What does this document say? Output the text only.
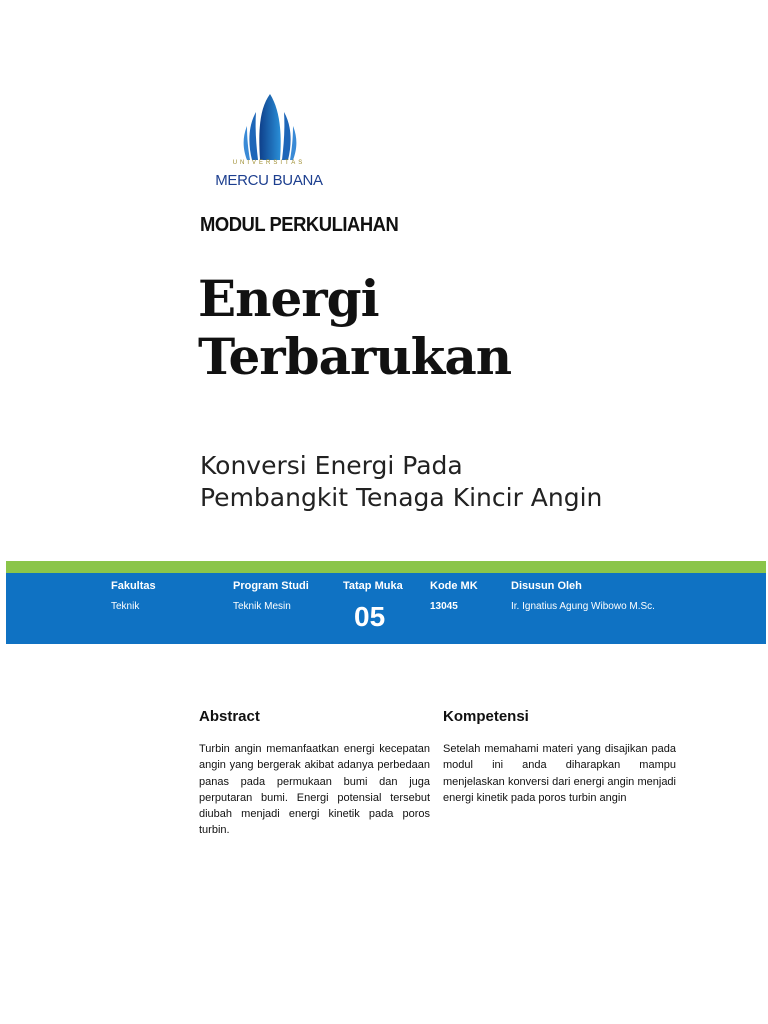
UNIVERSITAS
MERCU BUANA
MODUL PERKULIAHAN
Energi
Terbarukan
Konversi Energi Pada
Pembangkit Tenaga Kincir Angin
Fakultas
Teknik
Program Studi
Teknik Mesin
Tatap Muka
05
Kode MK
13045
Disusun Oleh
Ir. Ignatius Agung Wibowo M.Sc.
Abstract
Turbin angin memanfaatkan energi kecepatan angin yang bergerak akibat adanya perbedaan panas pada permukaan bumi dan juga perputaran bumi. Energi potensial tersebut diubah menjadi energi kinetik pada poros turbin.
Kompetensi
Setelah memahami materi yang disajikan pada modul ini anda diharapkan mampu menjelaskan konversi dari energi angin menjadi energi kinetik pada poros turbin angin
